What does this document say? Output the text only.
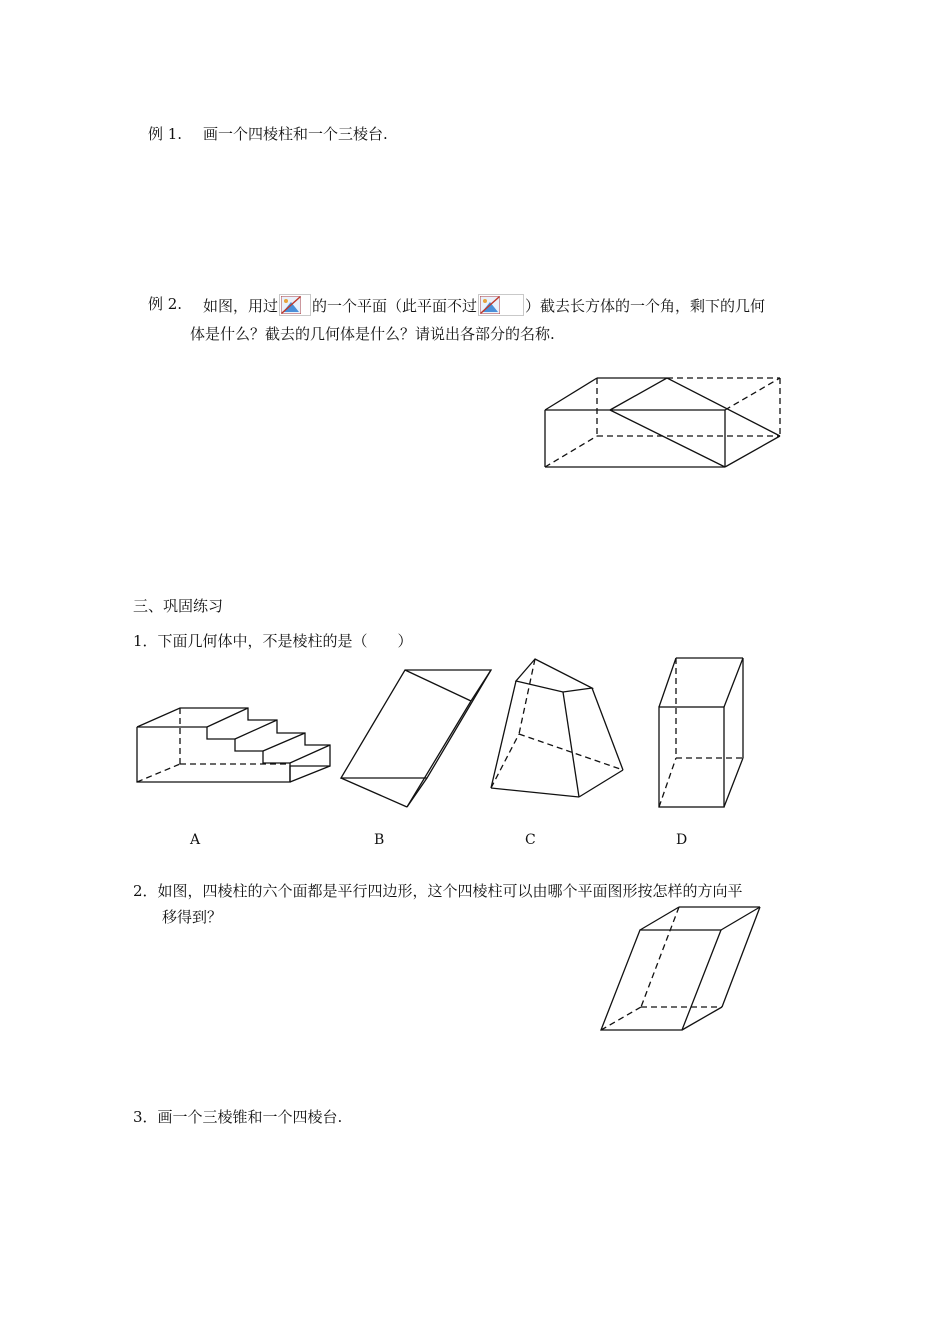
例 1. 画一个四棱柱和一个三棱台.
例 2. 如图，用过 的一个平面（此平面不过	）截去长方体的一个角，剩下的几何
体是什么？截去的几何体是什么？请说出各部分的名称.
三、巩固练习
1．下面几何体中，不是棱柱的是（　　）
A	B	C	D
2．如图，四棱柱的六个面都是平行四边形，这个四棱柱可以由哪个平面图形按怎样的方向平
移得到？
3．画一个三棱锥和一个四棱台.
